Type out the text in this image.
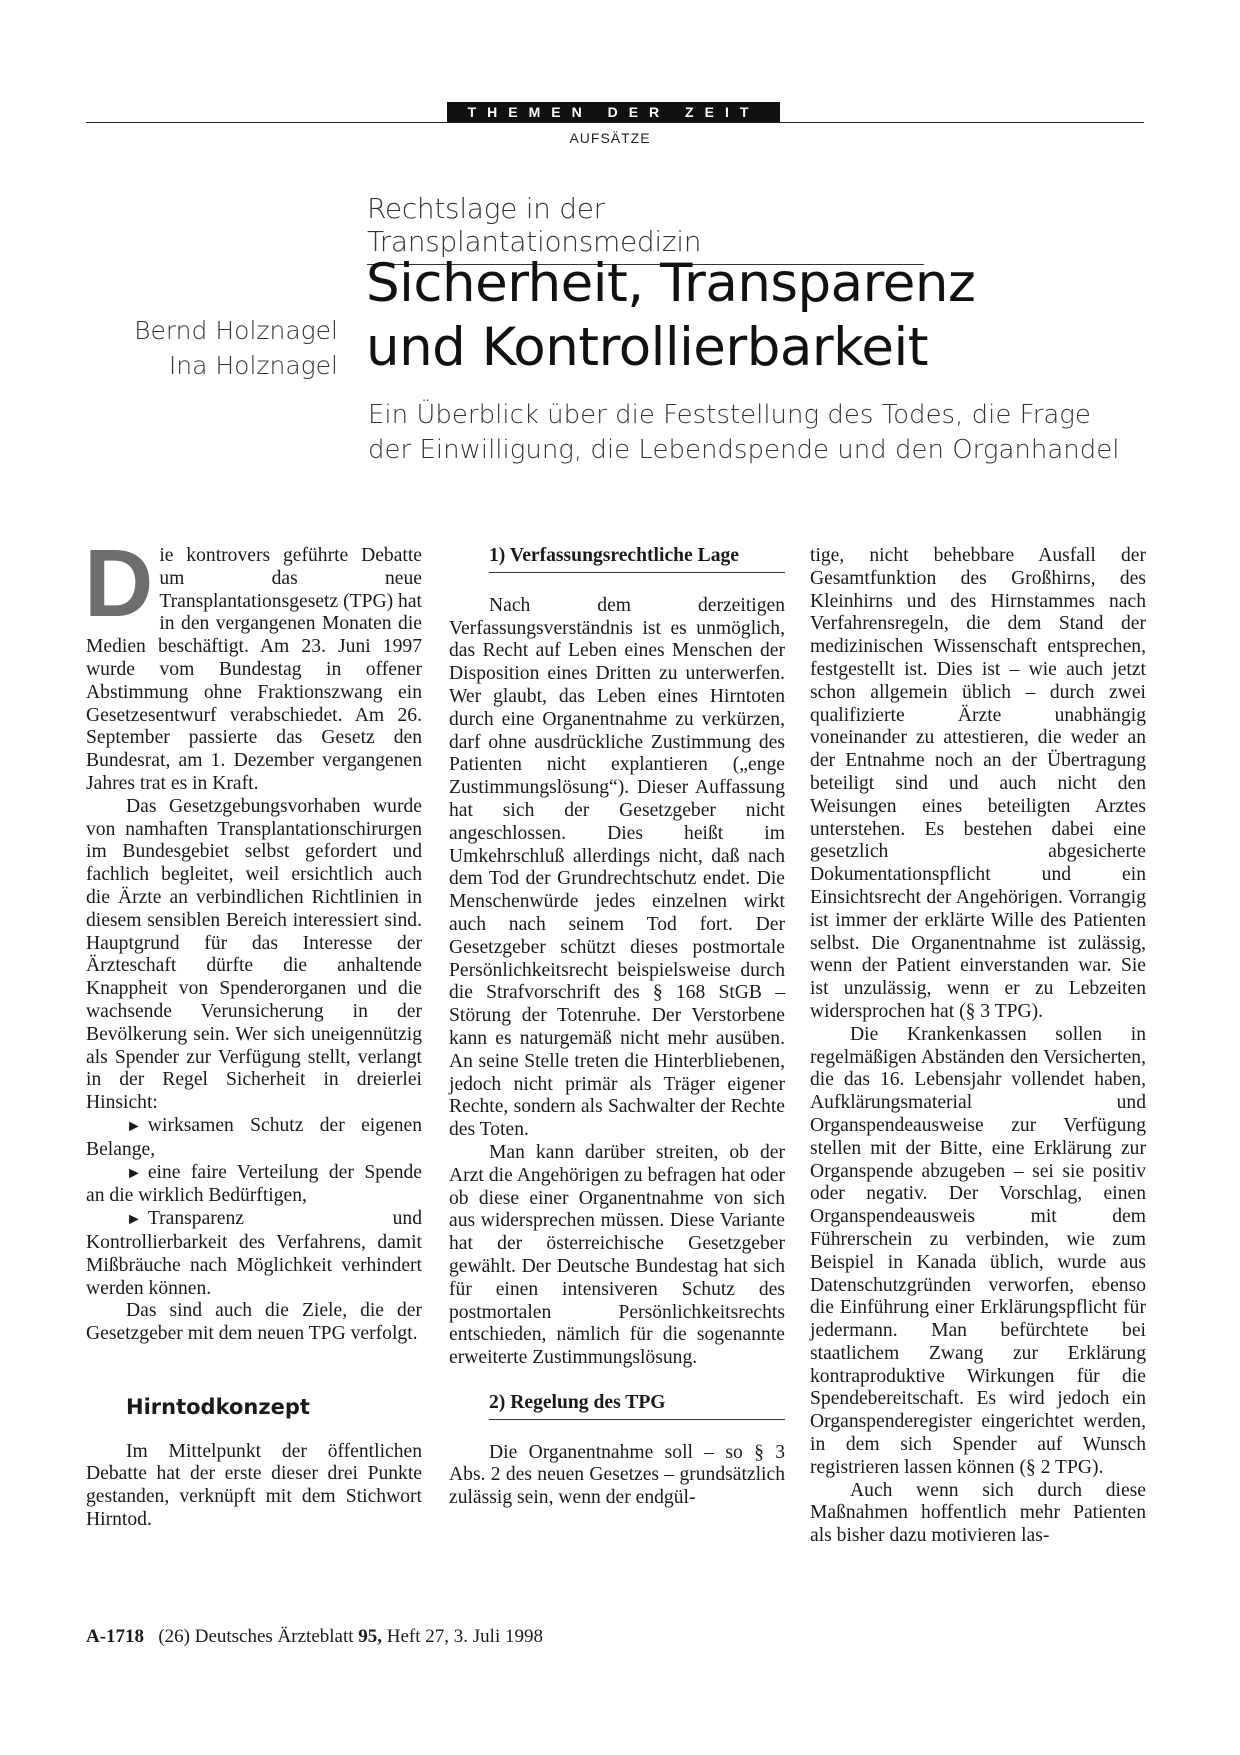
THEMEN DER ZEIT
AUFSÄTZE
Rechtslage in der Transplantationsmedizin
Sicherheit, Transparenz
und Kontrollierbarkeit
Bernd Holznagel
Ina Holznagel
Ein Überblick über die Feststellung des Todes, die Frage
der Einwilligung, die Lebendspende und den Organhandel

Die kontrovers geführte Debatte um das neue Transplantationsgesetz (TPG) hat in den vergangenen Monaten die Medien beschäftigt. Am 23. Juni 1997 wurde vom Bundestag in offener Abstimmung ohne Fraktionszwang ein Gesetzesentwurf verabschiedet. Am 26. September passierte das Gesetz den Bundesrat, am 1. Dezember vergangenen Jahres trat es in Kraft.

Das Gesetzgebungsvorhaben wurde von namhaften Transplantationschirurgen im Bundesgebiet selbst gefordert und fachlich begleitet, weil ersichtlich auch die Ärzte an verbindlichen Richtlinien in diesem sensiblen Bereich interessiert sind. Hauptgrund für das Interesse der Ärzteschaft dürfte die anhaltende Knappheit von Spenderorganen und die wachsende Verunsicherung in der Bevölkerung sein. Wer sich uneigennützig als Spender zur Verfügung stellt, verlangt in der Regel Sicherheit in dreierlei Hinsicht:

► wirksamen Schutz der eigenen Belange,

► eine faire Verteilung der Spende an die wirklich Bedürftigen,

► Transparenz und Kontrollierbarkeit des Verfahrens, damit Mißbräuche nach Möglichkeit verhindert werden können.

Das sind auch die Ziele, die der Gesetzgeber mit dem neuen TPG verfolgt.

Hirntodkonzept

Im Mittelpunkt der öffentlichen Debatte hat der erste dieser drei Punkte gestanden, verknüpft mit dem Stichwort Hirntod.

1) Verfassungsrechtliche Lage

Nach dem derzeitigen Verfassungsverständnis ist es unmöglich, das Recht auf Leben eines Menschen der Disposition eines Dritten zu unterwerfen. Wer glaubt, das Leben eines Hirntoten durch eine Organentnahme zu verkürzen, darf ohne ausdrückliche Zustimmung des Patienten nicht explantieren („enge Zustimmungslösung“). Dieser Auffassung hat sich der Gesetzgeber nicht angeschlossen. Dies heißt im Umkehrschluß allerdings nicht, daß nach dem Tod der Grundrechtschutz endet. Die Menschenwürde jedes einzelnen wirkt auch nach seinem Tod fort. Der Gesetzgeber schützt dieses postmortale Persönlichkeitsrecht beispielsweise durch die Strafvorschrift des § 168 StGB – Störung der Totenruhe. Der Verstorbene kann es naturgemäß nicht mehr ausüben. An seine Stelle treten die Hinterbliebenen, jedoch nicht primär als Träger eigener Rechte, sondern als Sachwalter der Rechte des Toten.

Man kann darüber streiten, ob der Arzt die Angehörigen zu befragen hat oder ob diese einer Organentnahme von sich aus widersprechen müssen. Diese Variante hat der österreichische Gesetzgeber gewählt. Der Deutsche Bundestag hat sich für einen intensiveren Schutz des postmortalen Persönlichkeitsrechts entschieden, nämlich für die sogenannte erweiterte Zustimmungslösung.

2) Regelung des TPG

Die Organentnahme soll – so § 3 Abs. 2 des neuen Gesetzes – grundsätzlich zulässig sein, wenn der endgül-

tige, nicht behebbare Ausfall der Gesamtfunktion des Großhirns, des Kleinhirns und des Hirnstammes nach Verfahrensregeln, die dem Stand der medizinischen Wissenschaft entsprechen, festgestellt ist. Dies ist – wie auch jetzt schon allgemein üblich – durch zwei qualifizierte Ärzte unabhängig voneinander zu attestieren, die weder an der Entnahme noch an der Übertragung beteiligt sind und auch nicht den Weisungen eines beteiligten Arztes unterstehen. Es bestehen dabei eine gesetzlich abgesicherte Dokumentationspflicht und ein Einsichtsrecht der Angehörigen. Vorrangig ist immer der erklärte Wille des Patienten selbst. Die Organentnahme ist zulässig, wenn der Patient einverstanden war. Sie ist unzulässig, wenn er zu Lebzeiten widersprochen hat (§ 3 TPG).

Die Krankenkassen sollen in regelmäßigen Abständen den Versicherten, die das 16. Lebensjahr vollendet haben, Aufklärungsmaterial und Organspendeausweise zur Verfügung stellen mit der Bitte, eine Erklärung zur Organspende abzugeben – sei sie positiv oder negativ. Der Vorschlag, einen Organspendeausweis mit dem Führerschein zu verbinden, wie zum Beispiel in Kanada üblich, wurde aus Datenschutzgründen verworfen, ebenso die Einführung einer Erklärungspflicht für jedermann. Man befürchtete bei staatlichem Zwang zur Erklärung kontraproduktive Wirkungen für die Spendebereitschaft. Es wird jedoch ein Organspenderegister eingerichtet werden, in dem sich Spender auf Wunsch registrieren lassen können (§ 2 TPG).

Auch wenn sich durch diese Maßnahmen hoffentlich mehr Patienten als bisher dazu motivieren las-

A-1718 (26) Deutsches Ärzteblatt 95, Heft 27, 3. Juli 1998
